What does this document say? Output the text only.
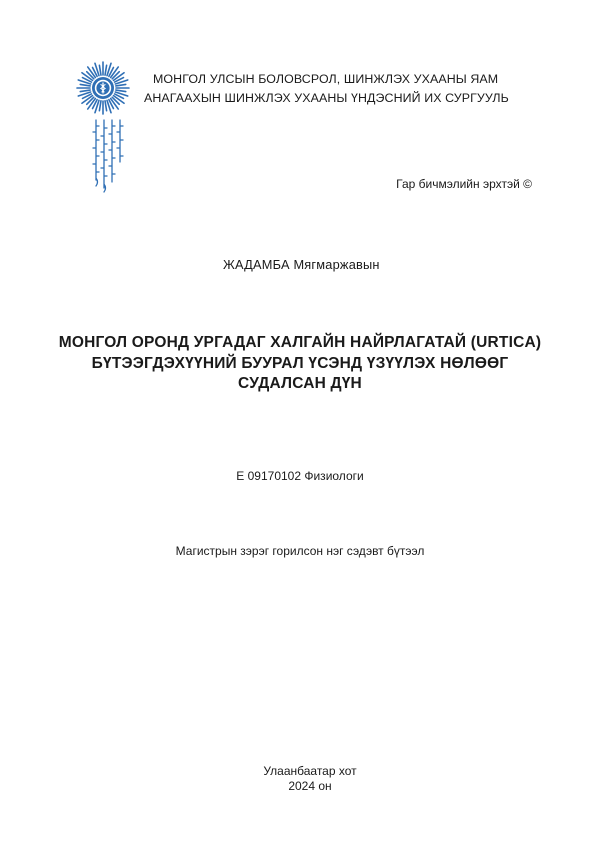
МОНГОЛ УЛСЫН БОЛОВСРОЛ, ШИНЖЛЭХ УХААНЫ ЯАМ
АНАГААХЫН ШИНЖЛЭХ УХААНЫ ҮНДЭСНИЙ ИХ СУРГУУЛЬ
Гар бичмэлийн эрхтэй ©
ЖАДАМБА Мягмаржавын
МОНГОЛ ОРОНД УРГАДАГ ХАЛГАЙН НАЙРЛАГАТАЙ (URTICA)
БҮТЭЭГДЭХҮҮНИЙ БУУРАЛ ҮСЭНД ҮЗҮҮЛЭХ НӨЛӨӨГ
СУДАЛСАН ДҮН
E 09170102 Физиологи
Магистрын зэрэг горилсон нэг сэдэвт бүтээл
Улаанбаатар хот
2024 он
